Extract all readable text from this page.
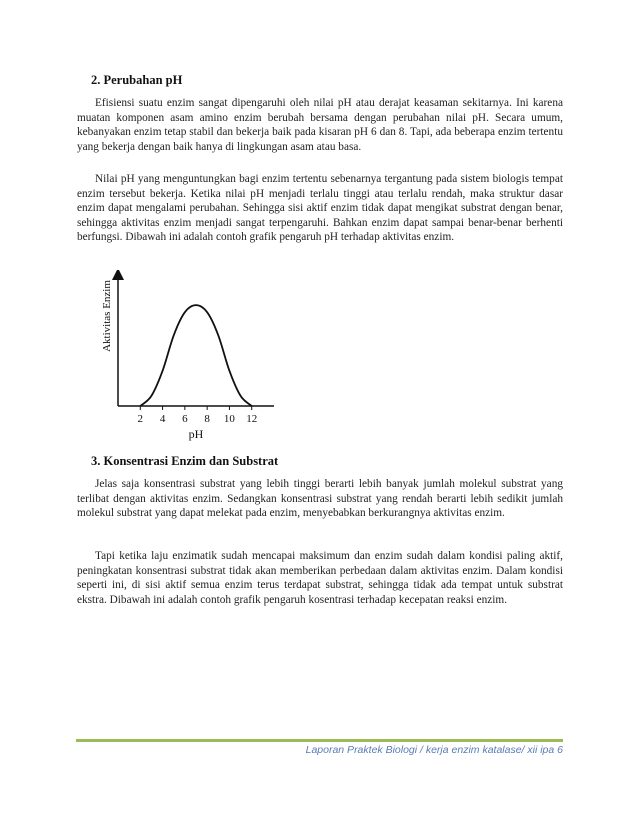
2. Perubahan pH

Efisiensi suatu enzim sangat dipengaruhi oleh nilai pH atau derajat keasaman sekitarnya. Ini karena muatan komponen asam amino enzim berubah bersama dengan perubahan nilai pH. Secara umum, kebanyakan enzim tetap stabil dan bekerja baik pada kisaran pH 6 dan 8. Tapi, ada beberapa enzim tertentu yang bekerja dengan baik hanya di lingkungan asam atau basa.

Nilai pH yang menguntungkan bagi enzim tertentu sebenarnya tergantung pada sistem biologis tempat enzim tersebut bekerja. Ketika nilai pH menjadi terlalu tinggi atau terlalu rendah, maka struktur dasar enzim dapat mengalami perubahan. Sehingga sisi aktif enzim tidak dapat mengikat substrat dengan benar, sehingga aktivitas enzim menjadi sangat terpengaruhi. Bahkan enzim dapat sampai benar-benar berhenti berfungsi. Dibawah ini adalah contoh grafik pengaruh pH terhadap aktivitas enzim.

2 4 6 8 10 12
Aktivitas Enzim
pH
3. Konsentrasi Enzim dan Substrat

Jelas saja konsentrasi substrat yang lebih tinggi berarti lebih banyak jumlah molekul substrat yang terlibat dengan aktivitas enzim. Sedangkan konsentrasi substrat yang rendah berarti lebih sedikit jumlah molekul substrat yang dapat melekat pada enzim, menyebabkan berkurangnya aktivitas enzim.

Tapi ketika laju enzimatik sudah mencapai maksimum dan enzim sudah dalam kondisi paling aktif, peningkatan konsentrasi substrat tidak akan memberikan perbedaan dalam aktivitas enzim. Dalam kondisi seperti ini, di sisi aktif semua enzim terus terdapat substrat, sehingga tidak ada tempat untuk substrat ekstra. Dibawah ini adalah contoh grafik pengaruh kosentrasi terhadap kecepatan reaksi enzim.

Laporan Praktek Biologi / kerja enzim katalase/ xii ipa 6
